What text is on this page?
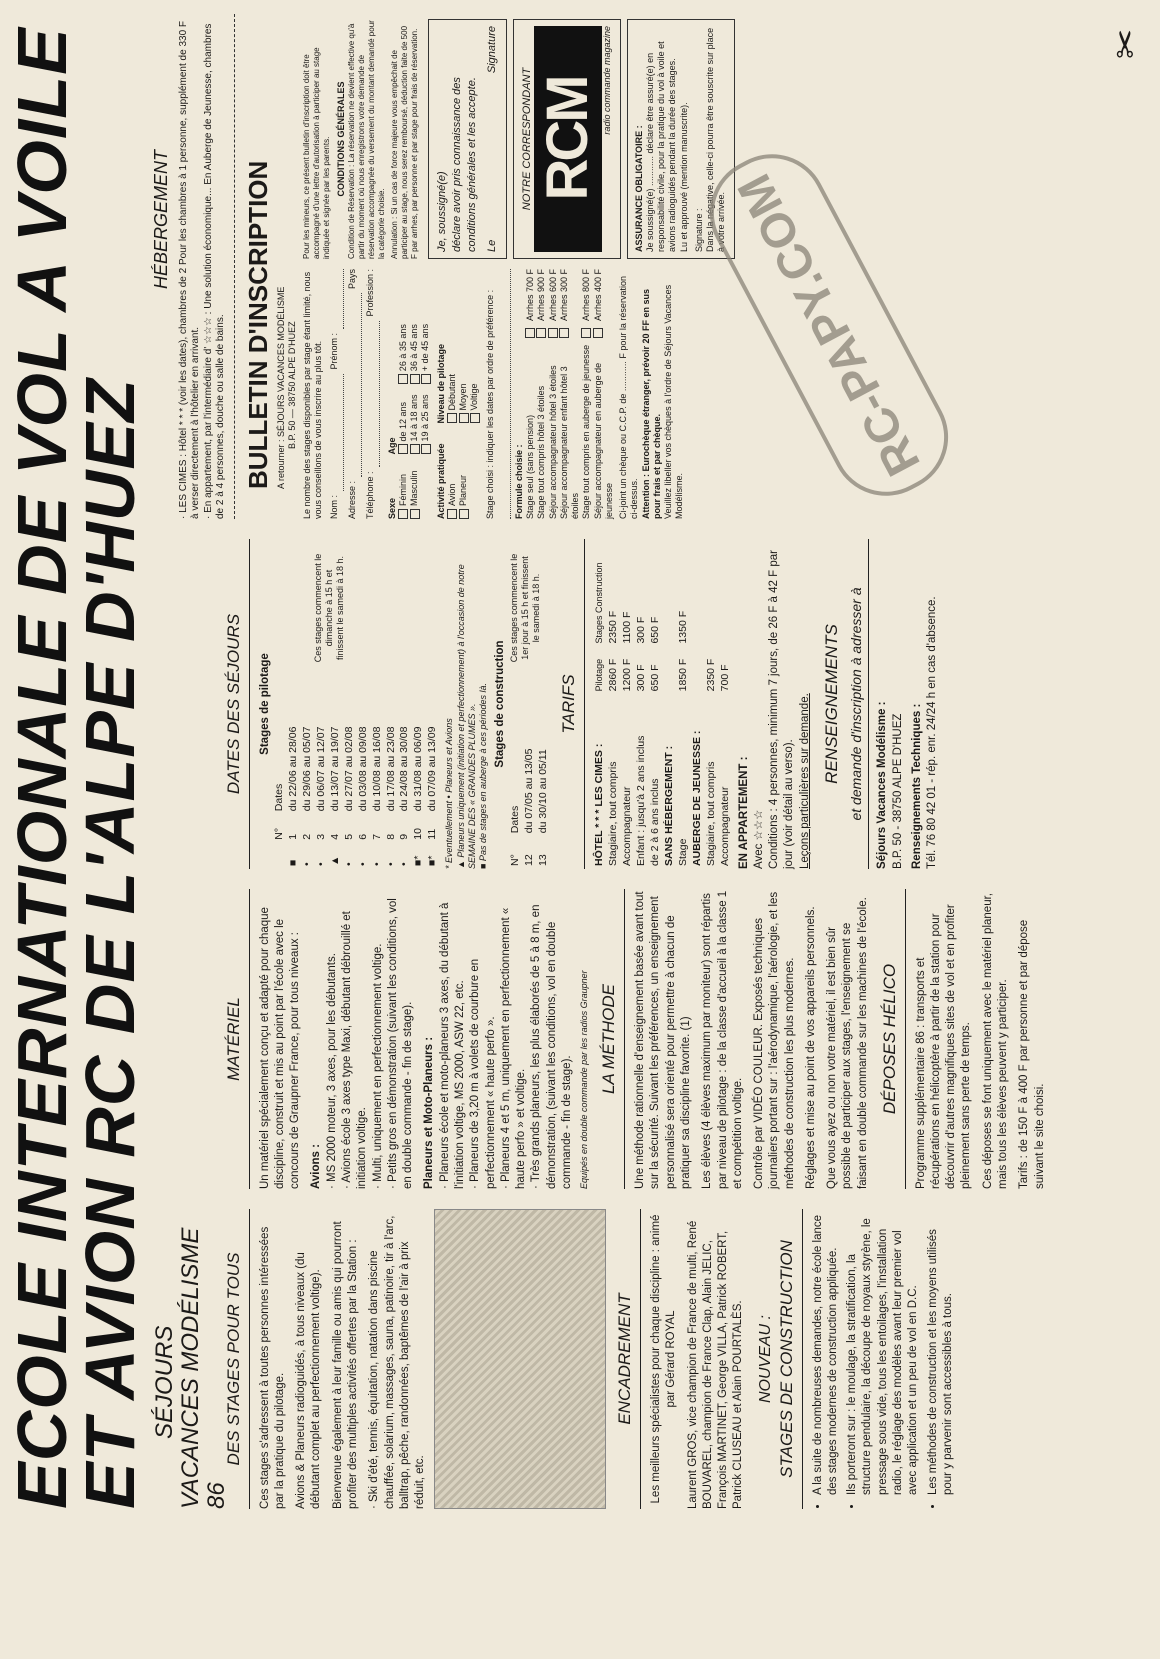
ECOLE INTERNATIONALE DE VOL A VOILE
ET AVION RC DE L'ALPE D'HUEZ SÉJOURS VACANCES MODÉLISME 86
DES STAGES POUR TOUS	Ces stages s'adressent à toutes personnes intéressées par la pratique du pilotage. Avions & Planeurs radioguidés, à tous niveaux (du débutant complet au perfectionnement voltige). Bienvenue également à leur famille ou amis qui pourront profiter des multiples activités offertes par la Station : · Ski d'été, tennis, équitation, natation dans piscine chauffée, solarium, massages, sauna, patinoire, tir à l'arc, balltrap, pêche, randonnées, baptêmes de l'air à prix réduit, etc.

ENCADREMENT	Les meilleurs spécialistes pour chaque discipline : animé par Gérard ROYAL Laurent GROS, vice champion de France de multi, René BOUVAREL, champion de France Clap, Alain JELIC, François MARTINET, George VILLA, Patrick ROBERT, Patrick CLUSEAU et Alain POURTALÈS. NOUVEAU : STAGES DE CONSTRUCTION	• A la suite de nombreuses demandes, notre école lance des stages modernes de construction appliquée. • Ils porteront sur : le moulage, la stratification, la structure pendulaire, la découpe de noyaux styrène, le pressage sous vide, tous les entoilages, l'installation radio, le réglage des modèles avant leur premier vol avec application et un peu de vol en D.C. • Les méthodes de construction et les moyens utilisés pour y parvenir sont accessibles à tous.
MATÉRIEL	Un matériel spécialement conçu et adapté pour chaque discipline, construit et mis au point par l'école avec le concours de Graupner France, pour tous niveaux : Avions : · MS 2000 moteur, 3 axes, pour les débutants. · Avions école 3 axes type Maxi, débutant débrouillé et initiation voltige. · Multi, uniquement en perfectionnement voltige. · Petits gros en démonstration (suivant les conditions, vol en double commande - fin de stage). Planeurs et Moto-Planeurs : · Planeurs école et moto-planeurs 3 axes, du débutant à l'initiation voltige, MS 2000, ASW 22, etc. · Planeurs de 3,20 m à volets de courbure en perfectionnement « haute perfo ». · Planeurs 4 et 5 m, uniquement en perfectionnement « haute perfo » et voltige. · Très grands planeurs, les plus élaborés de 5 à 8 m, en démonstration, (suivant les conditions, vol en double commande - fin de stage). Equipés en double commande par les radios Graupner LA MÉTHODE	Une méthode rationnelle d'enseignement basée avant tout sur la sécurité. Suivant les préférences, un enseignement personnalisé sera orienté pour permettre à chacun de pratiquer sa discipline favorite. (1) Les élèves (4 élèves maximum par moniteur) sont répartis par niveau de pilotage : de la classe d'accueil à la classe 1 et compétition voltige. Contrôle par VIDÉO COULEUR. Exposés techniques journaliers portant sur : l'aérodynamique, l'aérologie, et les méthodes de construction les plus modernes. Réglages et mise au point de vos appareils personnels. Que vous ayez ou non votre matériel, il est bien sûr possible de participer aux stages, l'enseignement se faisant en double commande sur les machines de l'école. DÉPOSES HÉLICO	Programme supplémentaire 86 : transports et récupérations en hélicoptère à partir de la station pour découvrir d'autres magnifiques sites de vol et en profiter pleinement sans perte de temps. Ces déposes se font uniquement avec le matériel planeur, mais tous les élèves peuvent y participer. Tarifs : de 150 F à 400 F par personne et par dépose suivant le site choisi.

DATES DES SÉJOURS	Stages de pilotage
	N°	Dates
■	1	du 22/06 au 28/06
•	2	du 29/06 au 05/07
•	3	du 06/07 au 12/07
▲	4	du 13/07 au 19/07
•	5	du 27/07 au 02/08
•	6	du 03/08 au 09/08
•	7	du 10/08 au 16/08
•	8	du 17/08 au 23/08
•	9	du 24/08 au 30/08
■*	10	du 31/08 au 06/09
■*	11	du 07/09 au 13/09
Ces stages commencent le dimanche à 15 h et finissent le samedi à 18 h.
* Eventuellement • Planeurs et Avions ▲ Planeurs uniquement (initiation et perfectionnement) à l'occasion de notre SEMAINE DES « GRANDES PLUMES ». ■ Pas de stages en auberge à ces périodes là. Stages de construction
N°	Dates
12	du 07/05 au 13/05
13	du 30/10 au 05/11
Ces stages commencent le 1er jour à 15 h et finissent le samedi à 18 h.
TARIFS
HÔTEL * * * LES CIMES :	Pilotage	Stages Construction
Stagiaire, tout compris	2860 F	2350 F
Accompagnateur	1200 F	1100 F
Enfant : jusqu'à 2 ans inclus	300 F	300 F
de 2 à 6 ans inclus	650 F	650 F
SANS HÉBERGEMENT :		
Stage	1850 F	1350 F
AUBERGE DE JEUNESSE :		
Stagiaire, tout compris	2350 F	
Accompagnateur	700 F	
EN APPARTEMENT : Avec ☆☆☆ Conditions : 4 personnes, minimum 7 jours, de 26 F à 42 F par jour (voir détail au verso). Leçons particulières sur demande. RENSEIGNEMENTS et demande d'inscription à adresser à	Séjours Vacances Modélisme : B.P. 50 - 38750 ALPE D'HUEZ Renseignements Techniques : Tél. 76 80 42 01 - rép. enr. 24/24 h en cas d'absence.
HÉBERGEMENT · LES CIMES : Hôtel * * * (voir les dates), chambres de 2 Pour les chambres à 1 personne, supplément de 330 F à verser directement à l'hôtelier en arrivant. · En appartement, par l'intermédiaire d' ☆☆☆ : Une solution économique... En Auberge de Jeunesse, chambres de 2 à 4 personnes, douche ou salle de bains. BULLETIN D'INSCRIPTION A retourner : SÉJOURS VACANCES MODÉLISME B.P. 50 — 38750 ALPE D'HUEZ Le nombre des stages disponibles par stage étant limité, nous vous conseillons de vous inscrire au plus tôt. Nom :
Prénom :
Adresse :
Pays
Téléphone :
Profession :
Sexe
Féminin Masculin
Age
de 12 ans 14 à 18 ans 19 à 25 ans
26 à 35 ans 36 à 45 ans + de 45 ans
Activité pratiquée Avion Planeur
Niveau de pilotage Débutant Moyen Voltige Stage choisi : indiquer les dates par ordre de préférence : Formule choisie : Stage seul (sans pension)
Arrhes 700 F
Stage tout compris hôtel 3 étoiles
Arrhes 900 F
Séjour accompagnateur hôtel 3 étoiles
Arrhes 600 F
Séjour accompagnateur enfant hôtel 3 étoiles
Arrhes 300 F
Stage tout compris en auberge de jeunesse
Arrhes 800 F
Séjour accompagnateur en auberge de jeunesse
Arrhes 400 F	Ci-joint un chèque ou C.C.P. de ............ F pour la réservation ci-dessus. Attention : Eurochèque étranger, prévoir 20 FF en sus pour frais et par chèque. Veuillez libeller vos chèques à l'ordre de Séjours Vacances Modélisme.
Pour les mineurs, ce présent bulletin d'inscription doit être accompagné d'une lettre d'autorisation à participer au stage indiquée et signée par les parents. CONDITIONS GÉNÉRALES Condition de Réservation : La réservation ne devient effective qu'à partir du moment où nous enregistrons votre demande de réservation accompagnée du versement du montant demandé pour la catégorie choisie. Annulation : Si un cas de force majeure vous empêchait de participer au stage, nous serez remboursé, déduction faite de 500 F par arrhes, par personne et par stage pour frais de réservation. Je, soussigné(e) déclare avoir pris connaissance des conditions générales et les accepte. Le
Signature
NOTRE CORRESPONDANT RCM radio commande magazine
ASSURANCE OBLIGATOIRE : Je soussigné(e) ............ déclare être assuré(e) en responsabilité civile, pour la pratique du vol à voile et avions radioguidés pendant la durée des stages. Lu et approuvé (mention manuscrite). Signature : Dans la négative, celle-ci pourra être souscrite sur place à votre arrivée. RC-PAPY.COM
✂
